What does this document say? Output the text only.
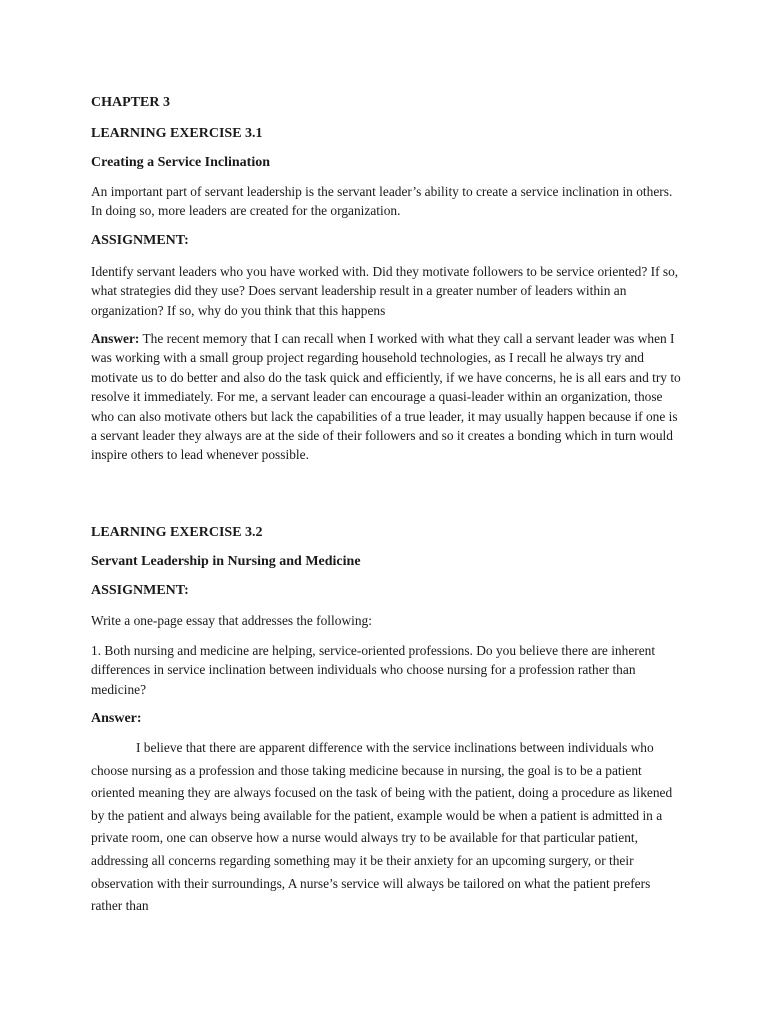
CHAPTER 3

LEARNING EXERCISE 3.1

Creating a Service Inclination

An important part of servant leadership is the servant leader’s ability to create a service inclination in others. In doing so, more leaders are created for the organization.

ASSIGNMENT:

Identify servant leaders who you have worked with. Did they motivate followers to be service oriented? If so, what strategies did they use? Does servant leadership result in a greater number of leaders within an organization? If so, why do you think that this happens

Answer: The recent memory that I can recall when I worked with what they call a servant leader was when I was working with a small group project regarding household technologies, as I recall he always try and motivate us to do better and also do the task quick and efficiently, if we have concerns, he is all ears and try to resolve it immediately. For me, a servant leader can encourage a quasi-leader within an organization, those who can also motivate others but lack the capabilities of a true leader, it may usually happen because if one is a servant leader they always are at the side of their followers and so it creates a bonding which in turn would inspire others to lead whenever possible.

LEARNING EXERCISE 3.2

Servant Leadership in Nursing and Medicine

ASSIGNMENT:

Write a one-page essay that addresses the following:

1. Both nursing and medicine are helping, service-oriented professions. Do you believe there are inherent differences in service inclination between individuals who choose nursing for a profession rather than medicine?

Answer:

I believe that there are apparent difference with the service inclinations between individuals who choose nursing as a profession and those taking medicine because in nursing, the goal is to be a patient oriented meaning they are always focused on the task of being with the patient, doing a procedure as likened by the patient and always being available for the patient, example would be when a patient is admitted in a private room, one can observe how a nurse would always try to be available for that particular patient, addressing all concerns regarding something may it be their anxiety for an upcoming surgery, or their observation with their surroundings, A nurse’s service will always be tailored on what the patient prefers rather than
